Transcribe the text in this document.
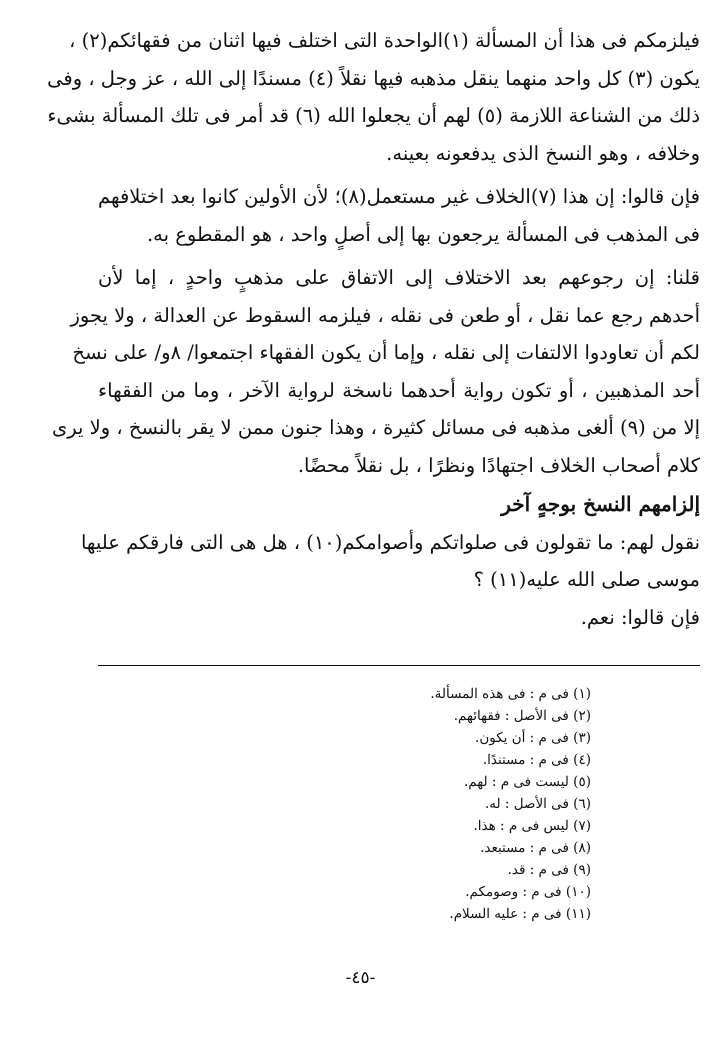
فيلزمكم فى هذا أن المسألة (١)الواحدة التى اختلف فيها اثنان من فقهائكم(٢) ،
يكون (٣) كل واحد منهما ينقل مذهبه فيها نقلاً (٤) مسندًا إلى الله ، عز وجل ، وفى
ذلك من الشناعة اللازمة (٥) لهم أن يجعلوا الله (٦) قد أمر فى تلك المسألة بشىء
وخلافه ، وهو النسخ الذى يدفعونه بعينه.
فإن قالوا: إن هذا (٧)الخلاف غير مستعمل(٨)؛ لأن الأولين كانوا بعد اختلافهم
فى المذهب فى المسألة يرجعون بها إلى أصلٍ واحد ، هو المقطوع به.
قلنا: إن رجوعهم بعد الاختلاف إلى الاتفاق على مذهبٍ واحدٍ ، إما لأن
أحدهم رجع عما نقل ، أو طعن فى نقله ، فيلزمه السقوط عن العدالة ، ولا يجوز
لكم أن تعاودوا الالتفات إلى نقله ، وإما أن يكون الفقهاء اجتمعوا/ ٨و/ على نسخ
أحد المذهبين ، أو تكون رواية أحدهما ناسخة لرواية الآخر ، وما من الفقهاء
إلا من (٩) ألغى مذهبه فى مسائل كثيرة ، وهذا جنون ممن لا يقر بالنسخ ، ولا يرى
كلام أصحاب الخلاف اجتهادًا ونظرًا ، بل نقلاً محضًا.
إلزامهم النسخ بوجهٍ آخر
نقول لهم: ما تقولون فى صلواتكم وأصوامكم(١٠) ، هل هى التى فارقكم عليها
موسى صلى الله عليه(١١) ؟
فإن قالوا: نعم.
(١) فى م : فى هذه المسألة.
(٢) فى الأصل : فقهائهم.
(٣) فى م : أن يكون.
(٤) فى م : مستندًا.
(٥) ليست فى م : لهم.
(٦) فى الأصل : له.
(٧) ليس فى م : هذا.
(٨) فى م : مستبعد.
(٩) فى م : قد.
(١٠) فى م : وصومكم.
(١١) فى م : عليه السلام.
-٤٥-
